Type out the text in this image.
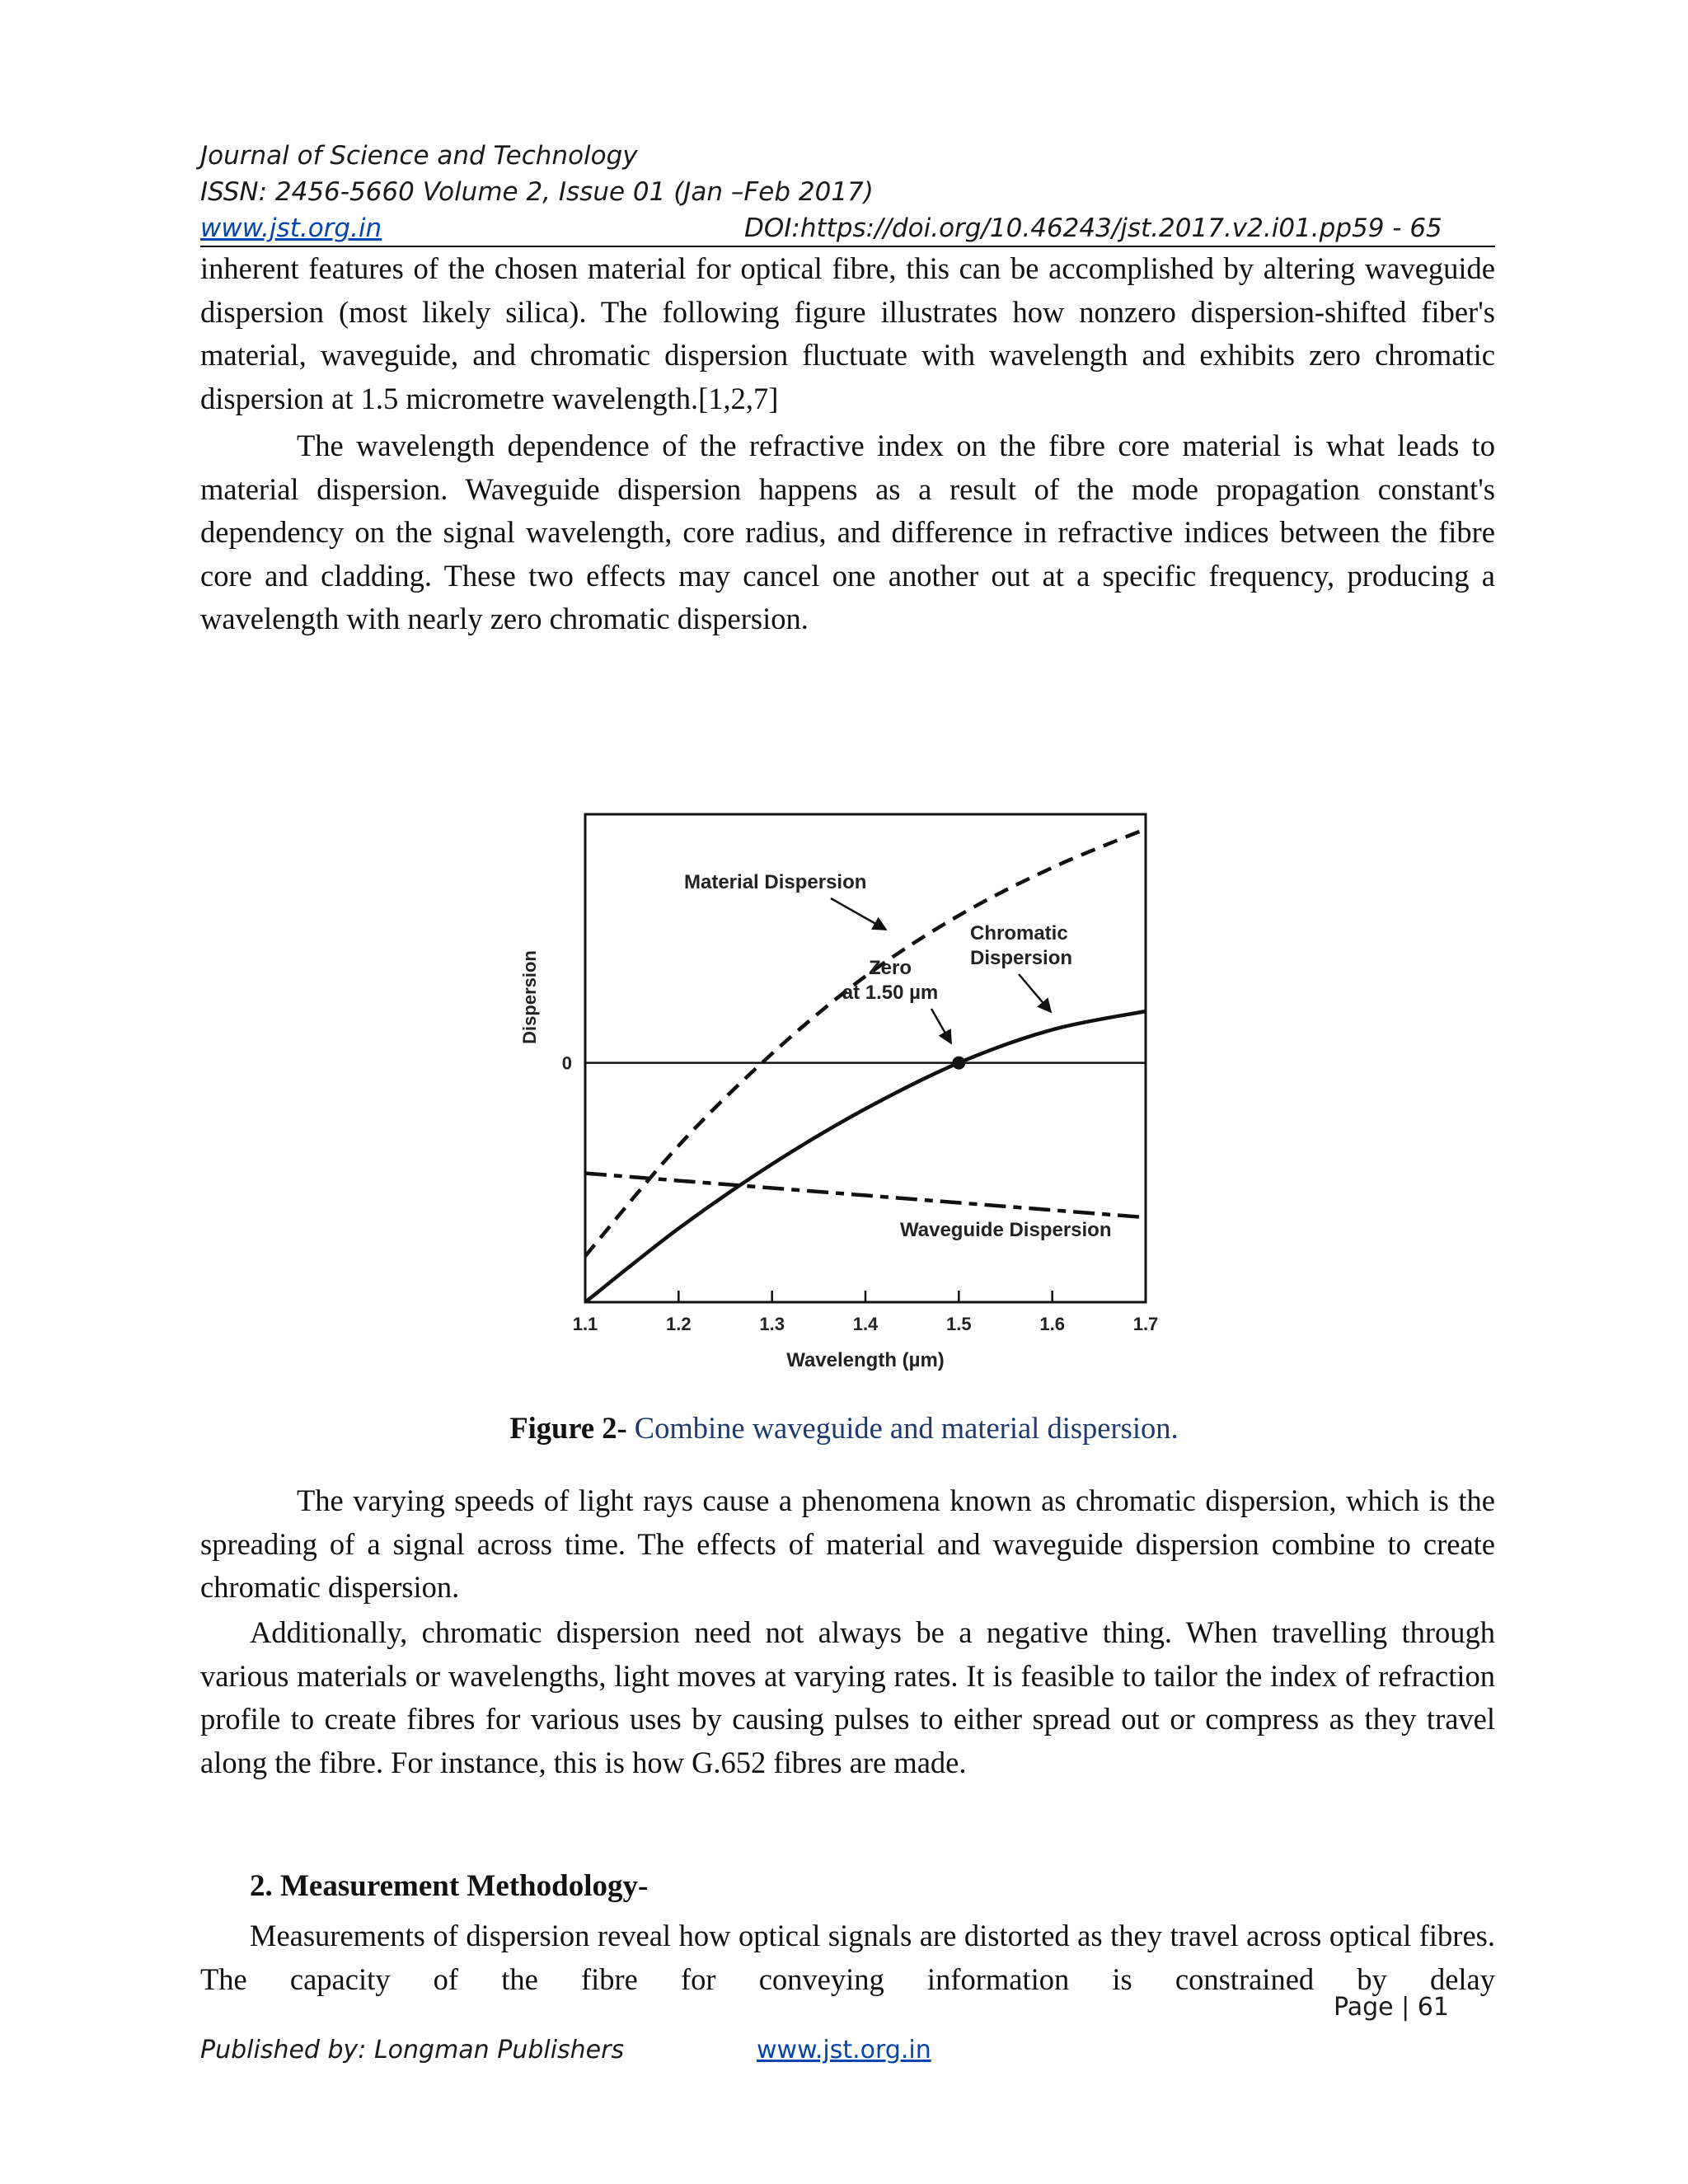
Journal of Science and Technology
ISSN: 2456-5660 Volume 2, Issue 01 (Jan –Feb 2017)
www.jst.org.in	DOI:https://doi.org/10.46243/jst.2017.v2.i01.pp59 - 65
inherent features of the chosen material for optical fibre, this can be accomplished by altering waveguide dispersion (most likely silica). The following figure illustrates how nonzero dispersion-shifted fiber's material, waveguide, and chromatic dispersion fluctuate with wavelength and exhibits zero chromatic dispersion at 1.5 micrometre wavelength.[1,2,7]
The wavelength dependence of the refractive index on the fibre core material is what leads to material dispersion. Waveguide dispersion happens as a result of the mode propagation constant's dependency on the signal wavelength, core radius, and difference in refractive indices between the fibre core and cladding. These two effects may cancel one another out at a specific frequency, producing a wavelength with nearly zero chromatic dispersion.
1.1	1.2	1.3	1.4	1.5	1.6	1.7
Dispersion
0
Wavelength (µm)
Material Dispersion
Chromatic
Dispersion
Zero
at 1.50 µm
Waveguide Dispersion
Figure 2- Combine waveguide and material dispersion.
The varying speeds of light rays cause a phenomena known as chromatic dispersion, which is the spreading of a signal across time. The effects of material and waveguide dispersion combine to create chromatic dispersion.
Additionally, chromatic dispersion need not always be a negative thing. When travelling through various materials or wavelengths, light moves at varying rates. It is feasible to tailor the index of refraction profile to create fibres for various uses by causing pulses to either spread out or compress as they travel along the fibre. For instance, this is how G.652 fibres are made.
2. Measurement Methodology-
Measurements of dispersion reveal how optical signals are distorted as they travel across optical fibres. The capacity of the fibre for conveying information is constrained by delay
Page | 61
Published by: Longman Publishers	www.jst.org.in
